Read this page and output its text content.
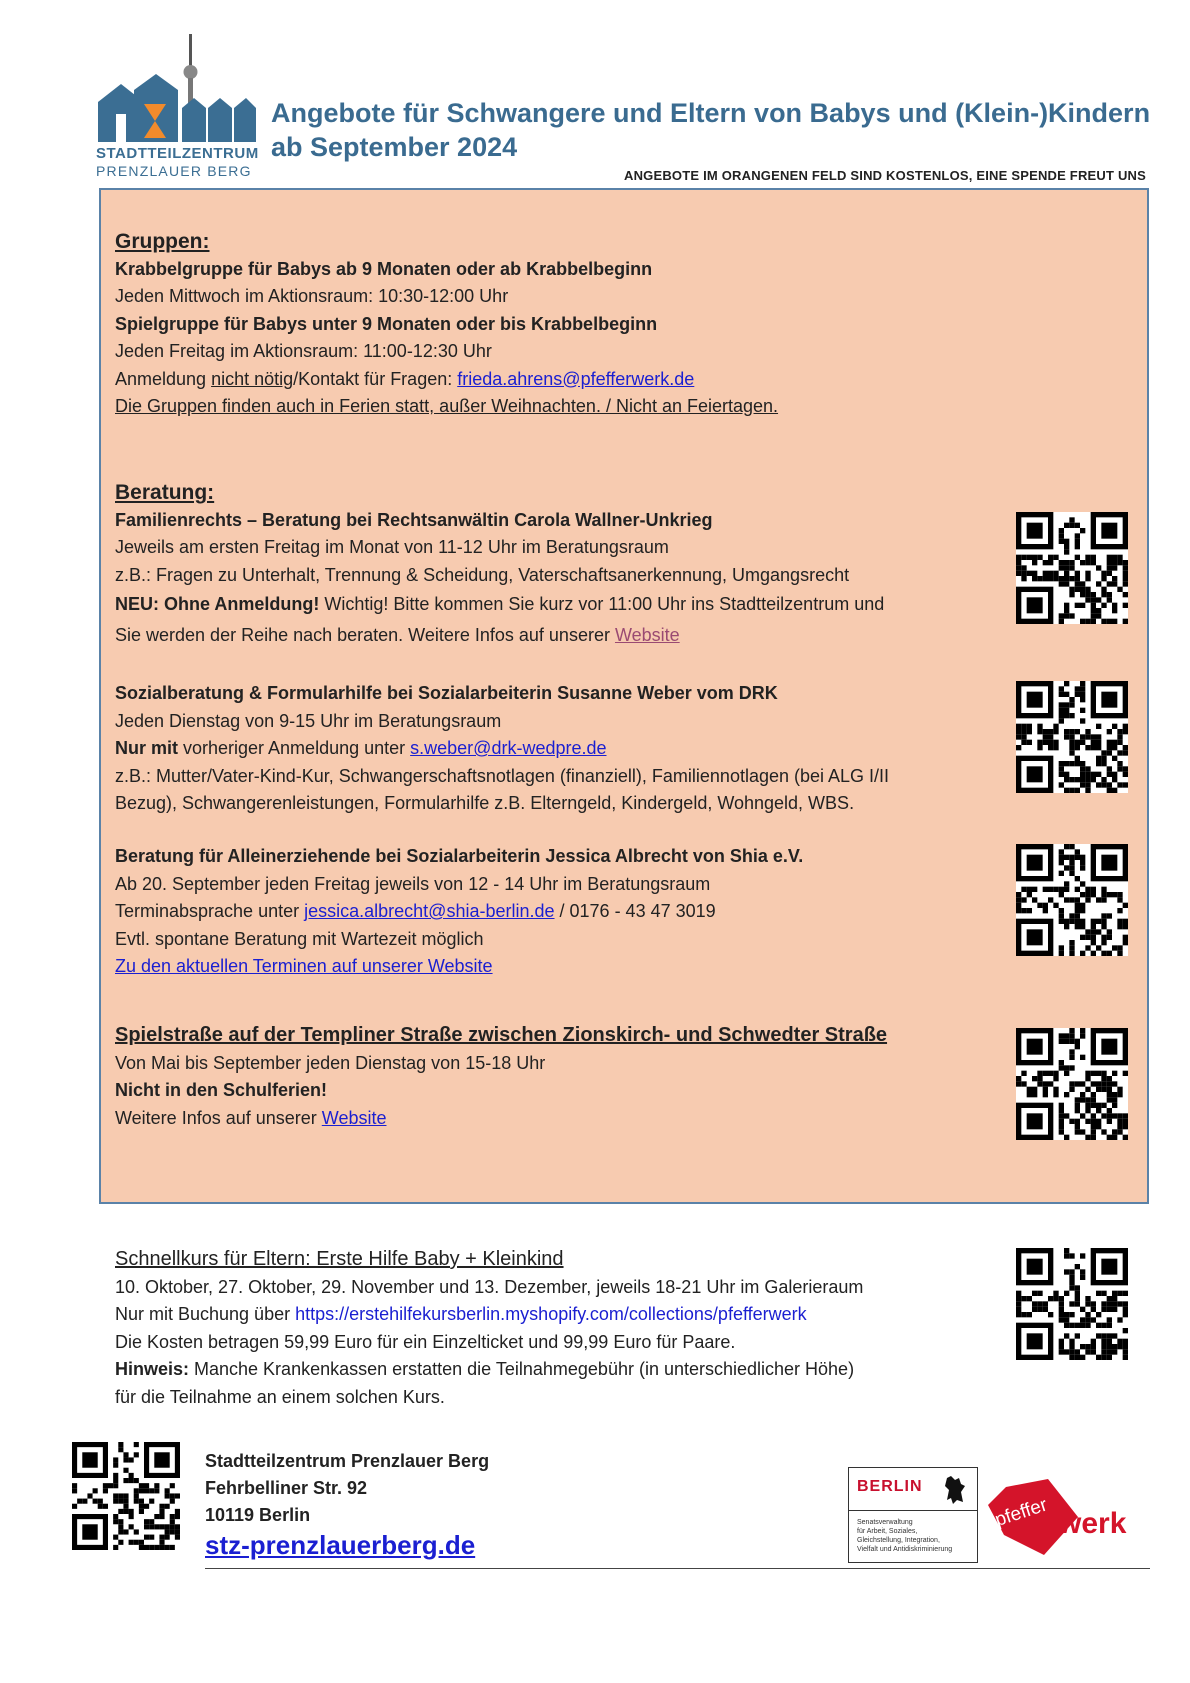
STADTTEILZENTRUM
PRENZLAUER BERG
Angebote für Schwangere und Eltern von Babys und (Klein-)Kindern
ab September 2024
ANGEBOTE IM ORANGENEN FELD SIND KOSTENLOS, EINE SPENDE FREUT UNS
Gruppen:
Krabbelgruppe für Babys ab 9 Monaten oder ab Krabbelbeginn
Jeden Mittwoch im Aktionsraum: 10:30-12:00 Uhr
Spielgruppe für Babys unter 9 Monaten oder bis Krabbelbeginn
Jeden Freitag im Aktionsraum: 11:00-12:30 Uhr
Anmeldung nicht nötig/Kontakt für Fragen: frieda.ahrens@pfefferwerk.de
Die Gruppen finden auch in Ferien statt, außer Weihnachten. / Nicht an Feiertagen.
Beratung:
Familienrechts – Beratung bei Rechtsanwältin Carola Wallner-Unkrieg
Jeweils am ersten Freitag im Monat von 11-12 Uhr im Beratungsraum
z.B.: Fragen zu Unterhalt, Trennung & Scheidung, Vaterschaftsanerkennung, Umgangsrecht
NEU: Ohne Anmeldung! Wichtig! Bitte kommen Sie kurz vor 11:00 Uhr ins Stadtteilzentrum und
Sie werden der Reihe nach beraten. Weitere Infos auf unserer Website
Sozialberatung & Formularhilfe bei Sozialarbeiterin Susanne Weber vom DRK
Jeden Dienstag von 9-15 Uhr im Beratungsraum
Nur mit vorheriger Anmeldung unter s.weber@drk-wedpre.de
z.B.: Mutter/Vater-Kind-Kur, Schwangerschaftsnotlagen (finanziell), Familiennotlagen (bei ALG I/II
Bezug), Schwangerenleistungen, Formularhilfe z.B. Elterngeld, Kindergeld, Wohngeld, WBS.
Beratung für Alleinerziehende bei Sozialarbeiterin Jessica Albrecht von Shia e.V.
Ab 20. September jeden Freitag jeweils von 12 - 14 Uhr im Beratungsraum
Terminabsprache unter jessica.albrecht@shia-berlin.de / 0176 - 43 47 3019
Evtl. spontane Beratung mit Wartezeit möglich
Zu den aktuellen Terminen auf unserer Website
Spielstraße auf der Templiner Straße zwischen Zionskirch- und Schwedter Straße
Von Mai bis September jeden Dienstag von 15-18 Uhr
Nicht in den Schulferien!
Weitere Infos auf unserer Website
Schnellkurs für Eltern: Erste Hilfe Baby + Kleinkind
10. Oktober, 27. Oktober, 29. November und 13. Dezember, jeweils 18-21 Uhr im Galerieraum
Nur mit Buchung über https://erstehilfekursberlin.myshopify.com/collections/pfefferwerk
Die Kosten betragen 59,99 Euro für ein Einzelticket und 99,99 Euro für Paare.
Hinweis: Manche Krankenkassen erstatten die Teilnahmegebühr (in unterschiedlicher Höhe)
für die Teilnahme an einem solchen Kurs.
Stadtteilzentrum Prenzlauer Berg
Fehrbelliner Str. 92
10119 Berlin
stz-prenzlauerberg.de
BERLIN
Senatsverwaltung
für Arbeit, Soziales,
Gleichstellung, Integration,
Vielfalt und Antidiskriminierung
pfeffer werk
